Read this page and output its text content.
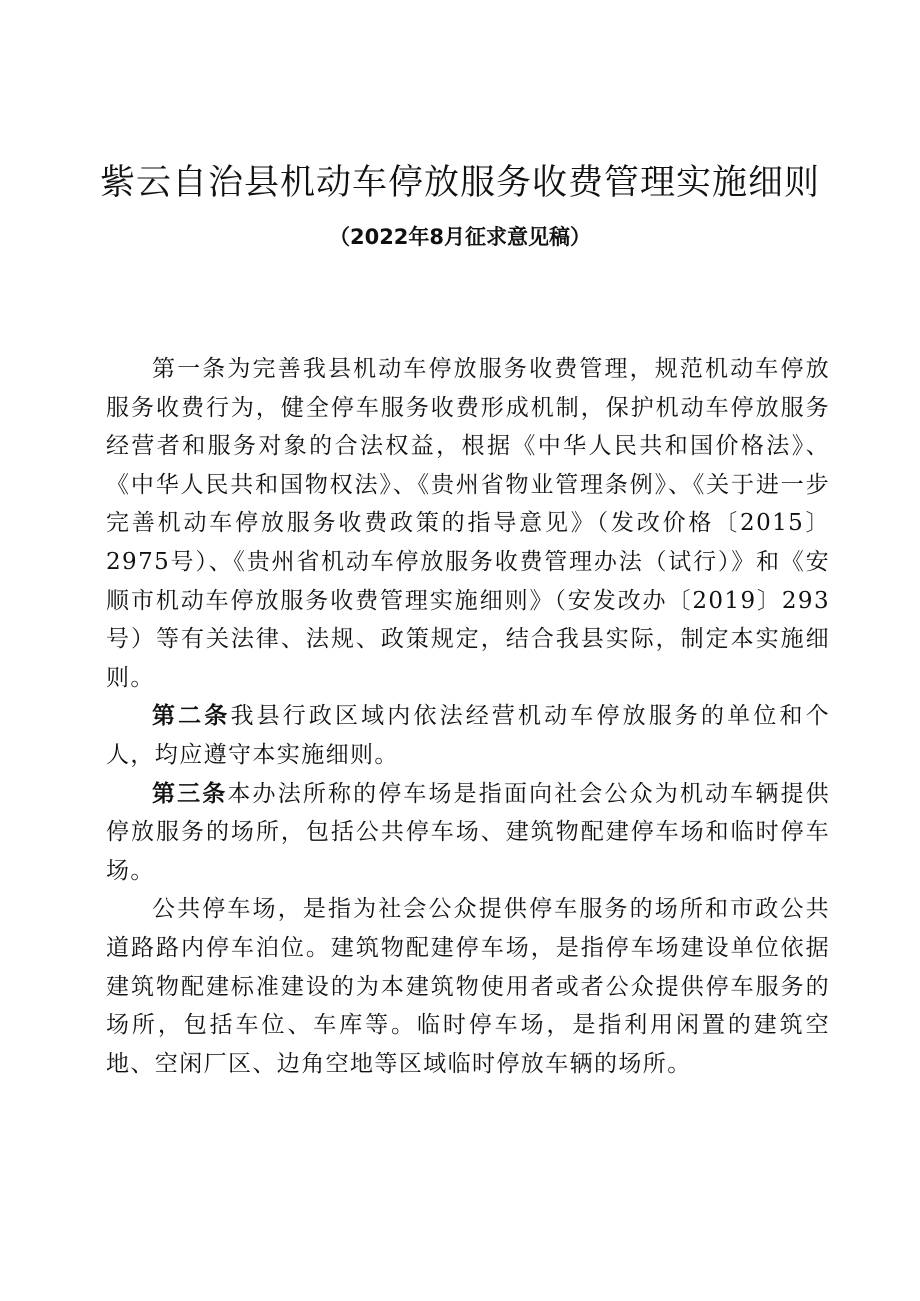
紫云自治县机动车停放服务收费管理实施细则
（2022年8月征求意见稿）

第一条为完善我县机动车停放服务收费管理，规范机动车停放服务收费行为，健全停车服务收费形成机制，保护机动车停放服务经营者和服务对象的合法权益，根据《中华人民共和国价格法》、《中华人民共和国物权法》、《贵州省物业管理条例》、《关于进一步完善机动车停放服务收费政策的指导意见》（发改价格〔2015〕2975号）、《贵州省机动车停放服务收费管理办法（试行）》和《安顺市机动车停放服务收费管理实施细则》（安发改办〔2019〕293号）等有关法律、法规、政策规定，结合我县实际，制定本实施细则。

第二条我县行政区域内依法经营机动车停放服务的单位和个人，均应遵守本实施细则。

第三条本办法所称的停车场是指面向社会公众为机动车辆提供停放服务的场所，包括公共停车场、建筑物配建停车场和临时停车场。

公共停车场，是指为社会公众提供停车服务的场所和市政公共道路路内停车泊位。建筑物配建停车场，是指停车场建设单位依据建筑物配建标准建设的为本建筑物使用者或者公众提供停车服务的场所，包括车位、车库等。临时停车场，是指利用闲置的建筑空地、空闲厂区、边角空地等区域临时停放车辆的场所。
